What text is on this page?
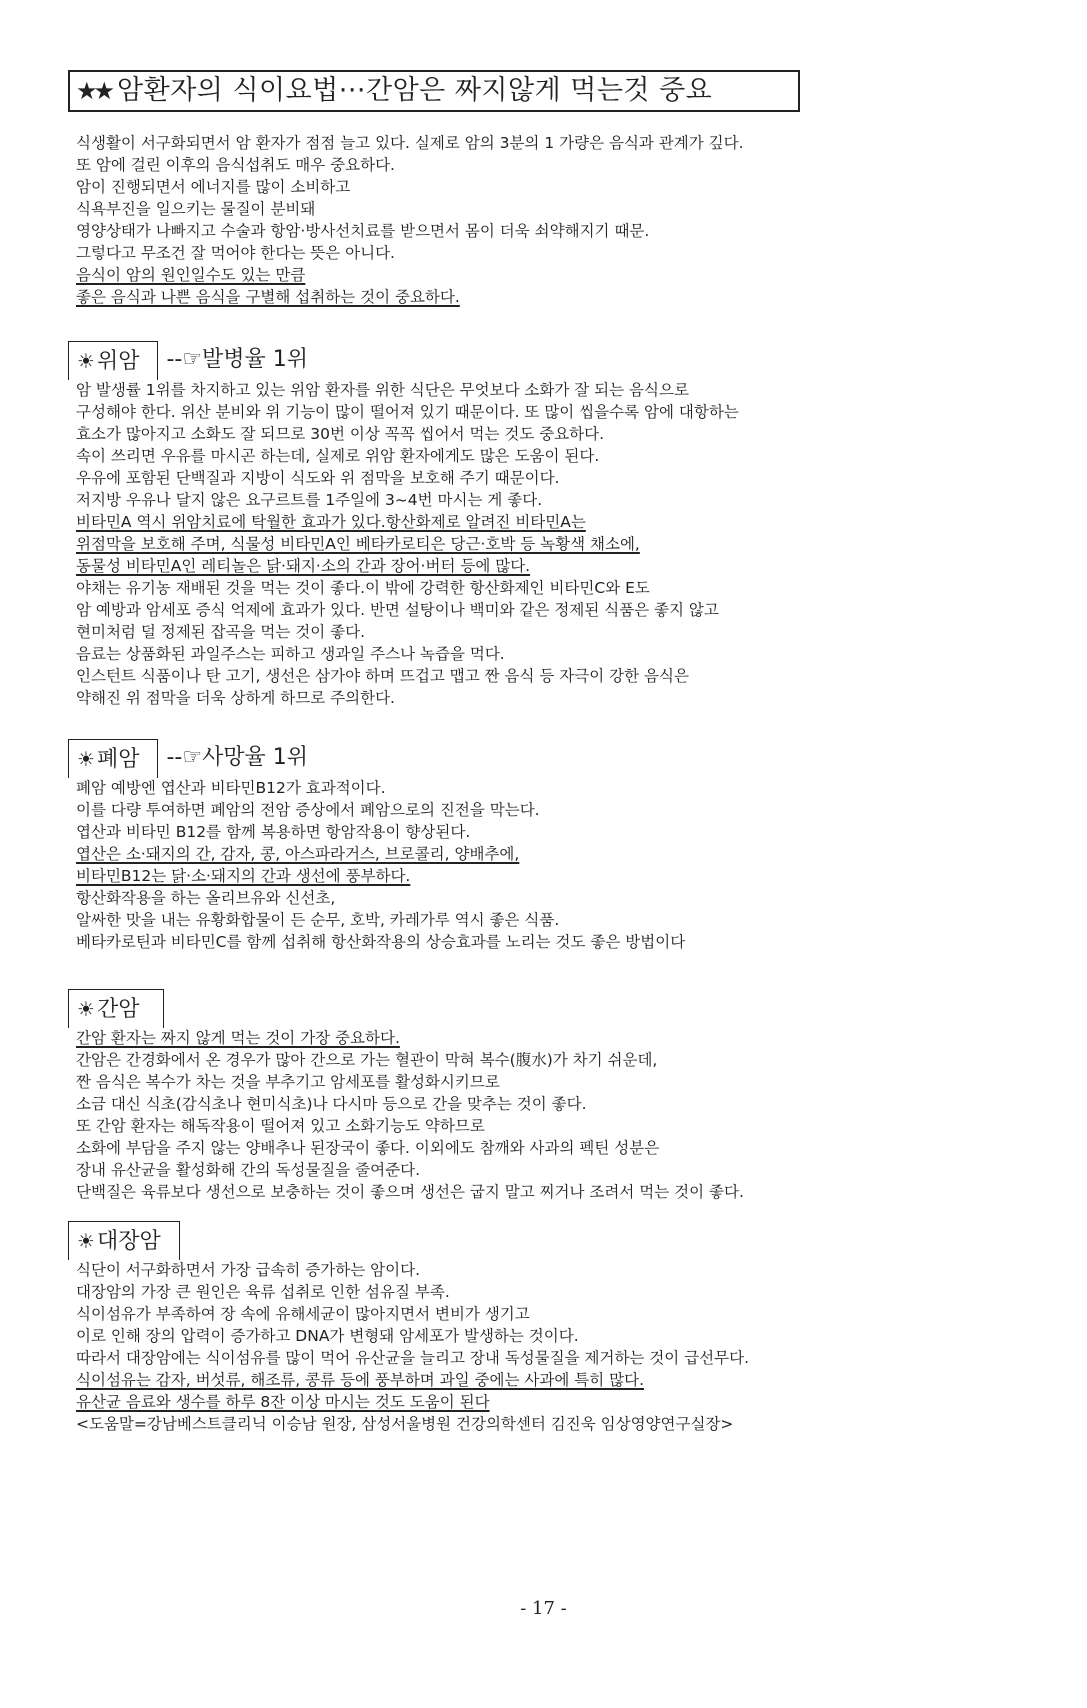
★★ 암환자의 식이요법···간암은 짜지않게 먹는것 중요
식생활이 서구화되면서 암 환자가 점점 늘고 있다. 실제로 암의 3분의 1 가량은 음식과 관계가 깊다.
또 암에 걸린 이후의 음식섭취도 매우 중요하다.
암이 진행되면서 에너지를 많이 소비하고
식욕부진을 일으키는 물질이 분비돼
영양상태가 나빠지고 수술과 항암·방사선치료를 받으면서 몸이 더욱 쇠약해지기 때문.
그렇다고 무조건 잘 먹어야 한다는 뜻은 아니다.
음식이 암의 원인일수도 있는 만큼
좋은 음식과 나쁜 음식을 구별해 섭취하는 것이 중요하다.
☀위암 --☞발병율 1위
암 발생률 1위를 차지하고 있는 위암 환자를 위한 식단은 무엇보다 소화가 잘 되는 음식으로
구성해야 한다. 위산 분비와 위 기능이 많이 떨어져 있기 때문이다. 또 많이 씹을수록 암에 대항하는
효소가 많아지고 소화도 잘 되므로 30번 이상 꼭꼭 씹어서 먹는 것도 중요하다.
속이 쓰리면 우유를 마시곤 하는데, 실제로 위암 환자에게도 많은 도움이 된다.
우유에 포함된 단백질과 지방이 식도와 위 점막을 보호해 주기 때문이다.
저지방 우유나 달지 않은 요구르트를 1주일에 3~4번 마시는 게 좋다.
비타민A 역시 위암치료에 탁월한 효과가 있다.항산화제로 알려진 비타민A는
위점막을 보호해 주며, 식물성 비타민A인 베타카로티은 당근·호박 등 녹황색 채소에,
동물성 비타민A인 레티놀은 닭·돼지·소의 간과 장어·버터 등에 많다.
야채는 유기농 재배된 것을 먹는 것이 좋다.이 밖에 강력한 항산화제인 비타민C와 E도
암 예방과 암세포 증식 억제에 효과가 있다. 반면 설탕이나 백미와 같은 정제된 식품은 좋지 않고
현미처럼 덜 정제된 잡곡을 먹는 것이 좋다.
음료는 상품화된 과일주스는 피하고 생과일 주스나 녹즙을 먹다.
인스턴트 식품이나 탄 고기, 생선은 삼가야 하며 뜨겁고 맵고 짠 음식 등 자극이 강한 음식은
약해진 위 점막을 더욱 상하게 하므로 주의한다.
☀폐암 --☞사망율 1위
폐암 예방엔 엽산과 비타민B12가 효과적이다.
이를 다량 투여하면 폐암의 전암 증상에서 폐암으로의 진전을 막는다.
엽산과 비타민 B12를 함께 복용하면 항암작용이 향상된다.
엽산은 소·돼지의 간, 감자, 콩, 아스파라거스, 브로콜리, 양배추에,
비타민B12는 닭·소·돼지의 간과 생선에 풍부하다.
항산화작용을 하는 올리브유와 신선초,
알싸한 맛을 내는 유황화합물이 든 순무, 호박, 카레가루 역시 좋은 식품.
베타카로틴과 비타민C를 함께 섭취해 항산화작용의 상승효과를 노리는 것도 좋은 방법이다
☀간암
간암 환자는 짜지 않게 먹는 것이 가장 중요하다.
간암은 간경화에서 온 경우가 많아 간으로 가는 혈관이 막혀 복수(腹水)가 차기 쉬운데,
짠 음식은 복수가 차는 것을 부추기고 암세포를 활성화시키므로
소금 대신 식초(감식초나 현미식초)나 다시마 등으로 간을 맞추는 것이 좋다.
또 간암 환자는 해독작용이 떨어져 있고 소화기능도 약하므로
소화에 부담을 주지 않는 양배추나 된장국이 좋다. 이외에도 참깨와 사과의 펙틴 성분은
장내 유산균을 활성화해 간의 독성물질을 줄여준다.
단백질은 육류보다 생선으로 보충하는 것이 좋으며 생선은 굽지 말고 찌거나 조려서 먹는 것이 좋다.
☀대장암
식단이 서구화하면서 가장 급속히 증가하는 암이다.
대장암의 가장 큰 원인은 육류 섭취로 인한 섬유질 부족.
식이섬유가 부족하여 장 속에 유해세균이 많아지면서 변비가 생기고
이로 인해 장의 압력이 증가하고 DNA가 변형돼 암세포가 발생하는 것이다.
따라서 대장암에는 식이섬유를 많이 먹어 유산균을 늘리고 장내 독성물질을 제거하는 것이 급선무다.
식이섬유는 감자, 버섯류, 해조류, 콩류 등에 풍부하며 과일 중에는 사과에 특히 많다.
유산균 음료와 생수를 하루 8잔 이상 마시는 것도 도움이 된다
<도움말=강남베스트클리닉 이승남 원장, 삼성서울병원 건강의학센터 김진욱 임상영양연구실장>
- 17 -
